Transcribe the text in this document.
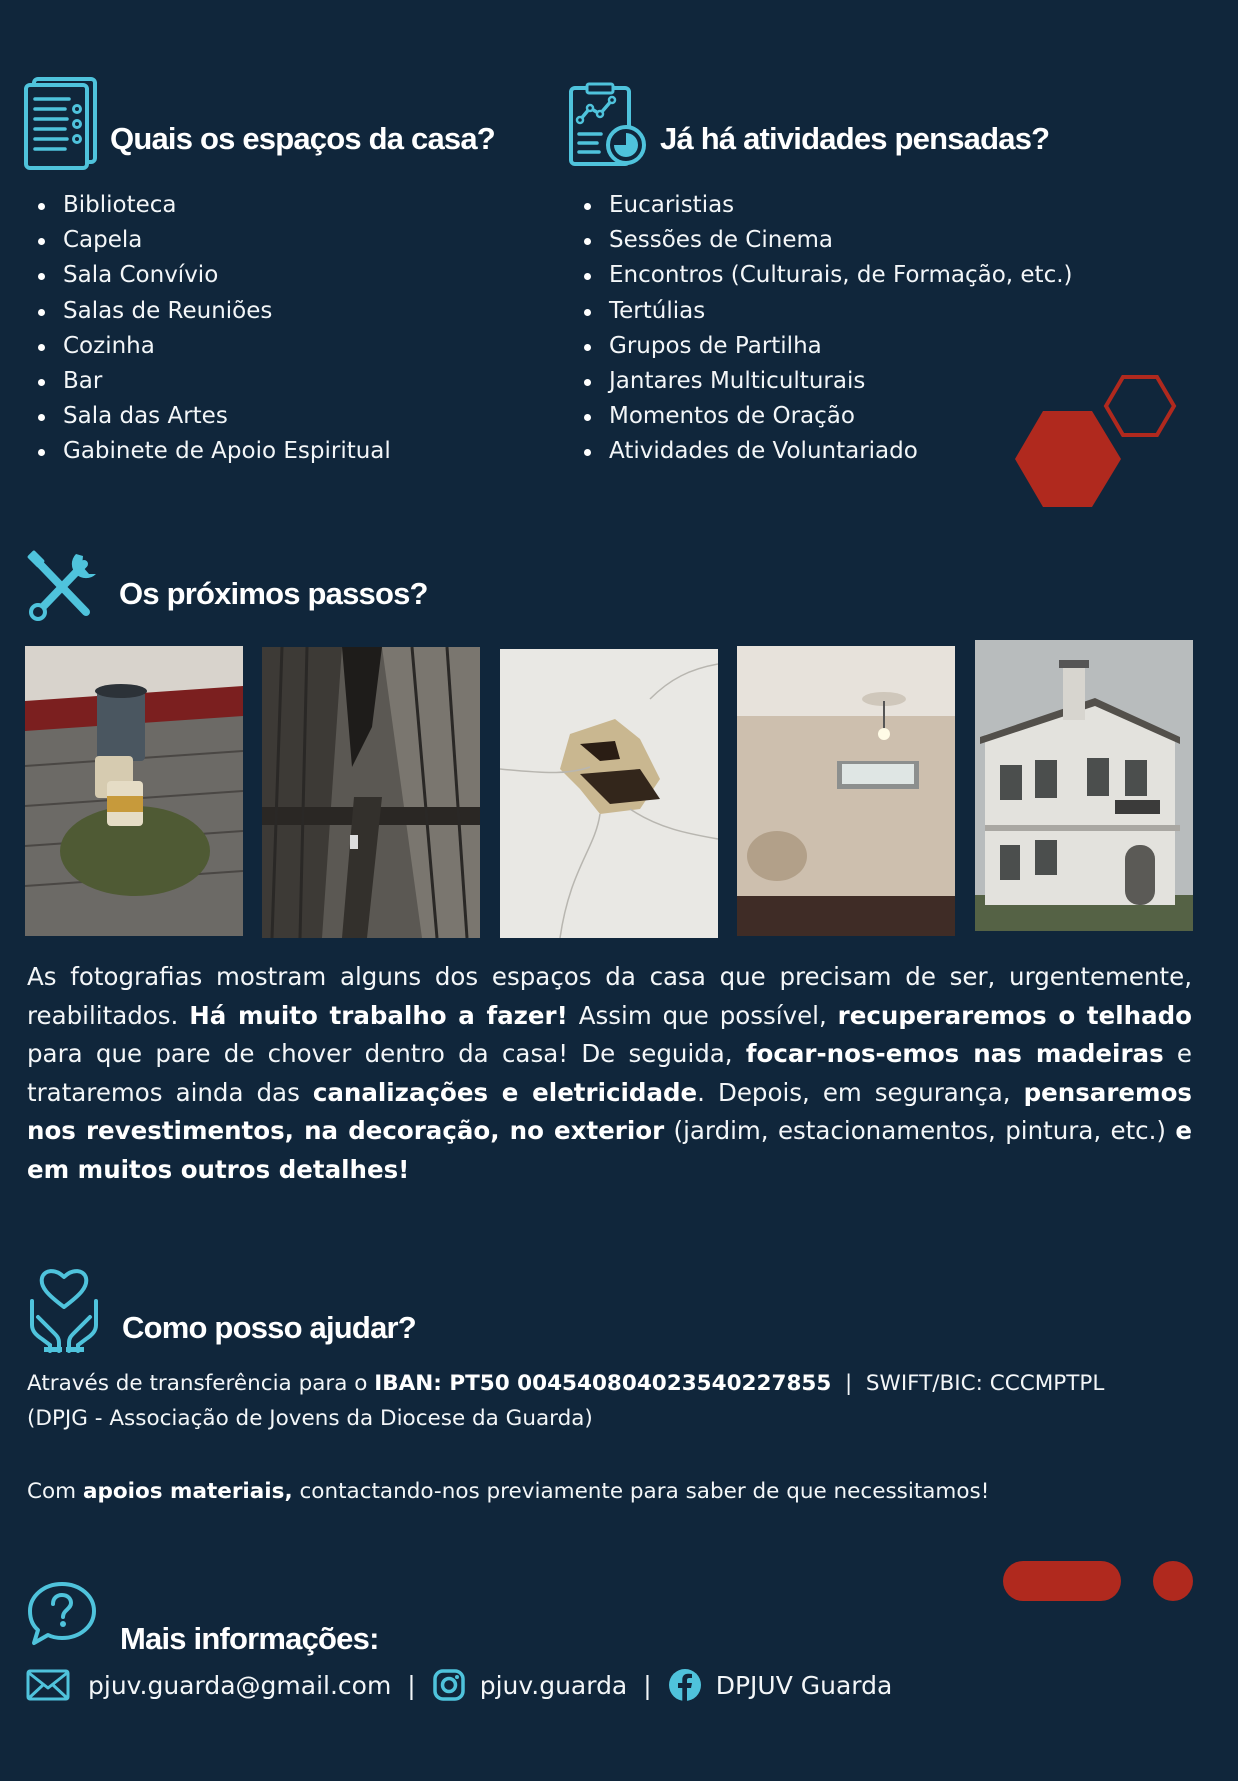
Quais os espaços da casa?
Biblioteca
Capela
Sala Convívio
Salas de Reuniões
Cozinha
Bar
Sala das Artes
Gabinete de Apoio Espiritual
Já há atividades pensadas?
Eucaristias
Sessões de Cinema
Encontros (Culturais, de Formação, etc.)
Tertúlias
Grupos de Partilha
Jantares Multiculturais
Momentos de Oração
Atividades de Voluntariado
Os próximos passos?

As fotografias mostram alguns dos espaços da casa que precisam de ser, urgentemente, reabilitados. Há muito trabalho a fazer! Assim que possível, recuperaremos o telhado para que pare de chover dentro da casa! De seguida, focar-nos-emos nas madeiras e trataremos ainda das canalizações e eletricidade. Depois, em segurança, pensaremos nos revestimentos, na decoração, no exterior (jardim, estacionamentos, pintura, etc.) e em muitos outros detalhes!

Como posso ajudar?
Através de transferência para o IBAN: PT50 004540804023540227855  |  SWIFT/BIC: CCCMPTPL
(DPJG - Associação de Jovens da Diocese da Guarda)
Com apoios materiais, contactando-nos previamente para saber de que necessitamos!
Mais informações:
pjuv.guarda@gmail.com |	pjuv.guarda |	DPJUV Guarda
